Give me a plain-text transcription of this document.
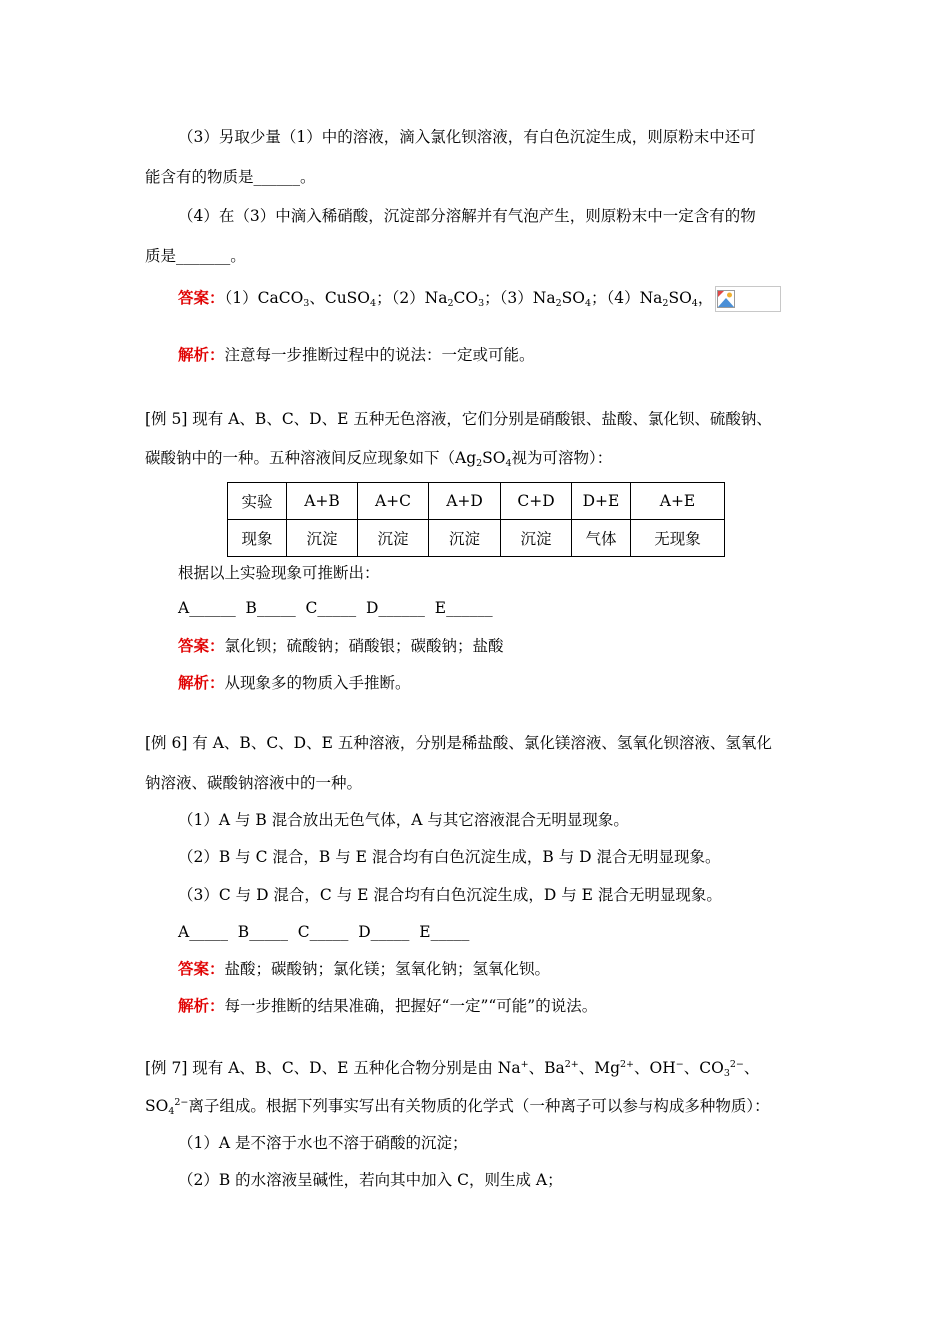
（3）另取少量（1）中的溶液，滴入氯化钡溶液，有白色沉淀生成，则原粉末中还可
能含有的物质是______。
（4）在（3）中滴入稀硝酸，沉淀部分溶解并有气泡产生，则原粉末中一定含有的物
质是_______。
答案：（1）CaCO$_3$、CuSO$_4$；$(2)Na_2CO_3$；$(3)Na_2SO_4$；$(4)Na_2SO_4$，
解析：注意每一步推断过程中的说法：一定或可能。
[例 5] 现有 A、B、C、D、E 五种无色溶液，它们分别是硝酸银、盐酸、氯化钡、硫酸钠、
碳酸钠中的一种。五种溶液间反应现象如下（$Ag_2SO_4$视为可溶物）：
实验	A+B	A+C	A+D	C+D	D+E	A+E
现象	沉淀	沉淀	沉淀	沉淀	气体	无现象
根据以上实验现象可推断出：
A______  B_____  C_____  D______  E______
答案：氯化钡；硫酸钠；硝酸银；碳酸钠；盐酸
解析：从现象多的物质入手推断。
[例 6] 有 A、B、C、D、E 五种溶液，分别是稀盐酸、氯化镁溶液、氢氧化钡溶液、氢氧化
钠溶液、碳酸钠溶液中的一种。
（1）A 与 B 混合放出无色气体，A 与其它溶液混合无明显现象。
（2）B 与 C 混合，B 与 E 混合均有白色沉淀生成，B 与 D 混合无明显现象。
（3）C 与 D 混合，C 与 E 混合均有白色沉淀生成，D 与 E 混合无明显现象。
A_____  B_____  C_____  D_____  E_____
答案：盐酸；碳酸钠；氯化镁；氢氧化钠；氢氧化钡。
解析：每一步推断的结果准确，把握好“一定”“可能”的说法。
[例 7] 现有 A、B、C、D、E 五种化合物分别是由 Na+、$Ba^{2+}$、$Mg^{2+}$、OH−、$CO_3^{2-}$、
$SO_4^{2-}$离子组成。根据下列事实写出有关物质的化学式（一种离子可以参与构成多种物质）：
（1）A 是不溶于水也不溶于硝酸的沉淀；
（2）B 的水溶液呈碱性，若向其中加入 C，则生成 A；
